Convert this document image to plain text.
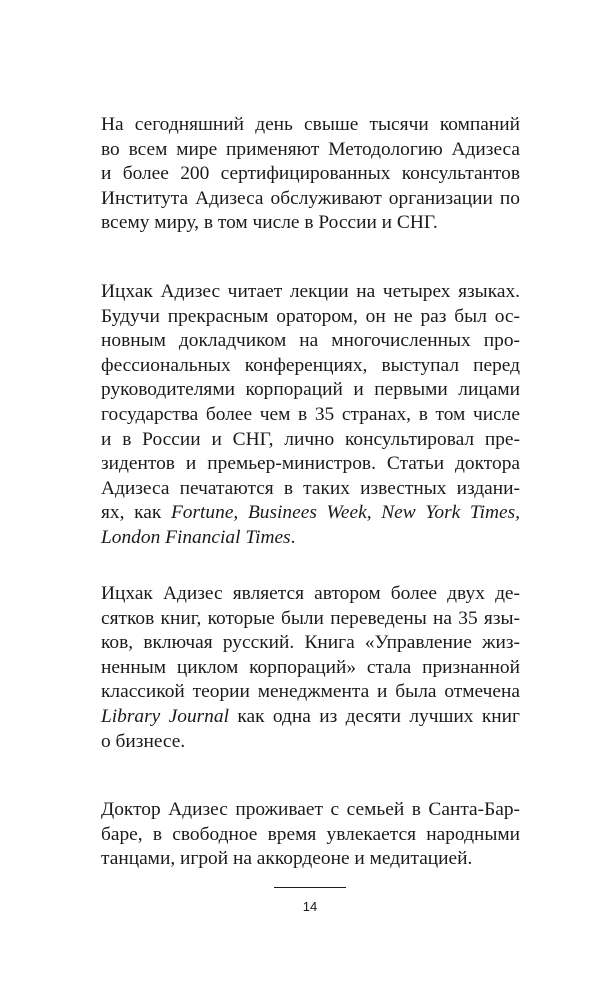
На сегодняшний день свыше тысячи компаний
во всем мире применяют Методологию Адизеса
и более 200 сертифицированных консультантов
Института Адизеса обслуживают организации по
всему миру, в том числе в России и СНГ.
Ицхак Адизес читает лекции на четырех языках.
Будучи прекрасным оратором, он не раз был ос-
новным докладчиком на многочисленных про-
фессиональных конференциях, выступал перед
руководителями корпораций и первыми лицами
государства более чем в 35 странах, в том числе
и в России и СНГ, лично консультировал пре-
зидентов и премьер-министров. Статьи доктора
Адизеса печатаются в таких известных издани-
ях, как Fortune, Businees Week, New York Times,
London Financial Times.
Ицхак Адизес является автором более двух де-
сятков книг, которые были переведены на 35 язы-
ков, включая русский. Книга «Управление жиз-
ненным циклом корпораций» стала признанной
классикой теории менеджмента и была отмечена
Library Journal как одна из десяти лучших книг
о бизнесе.
Доктор Адизес проживает с семьей в Санта-Бар-
баре, в свободное время увлекается народными
танцами, игрой на аккордеоне и медитацией.
14
